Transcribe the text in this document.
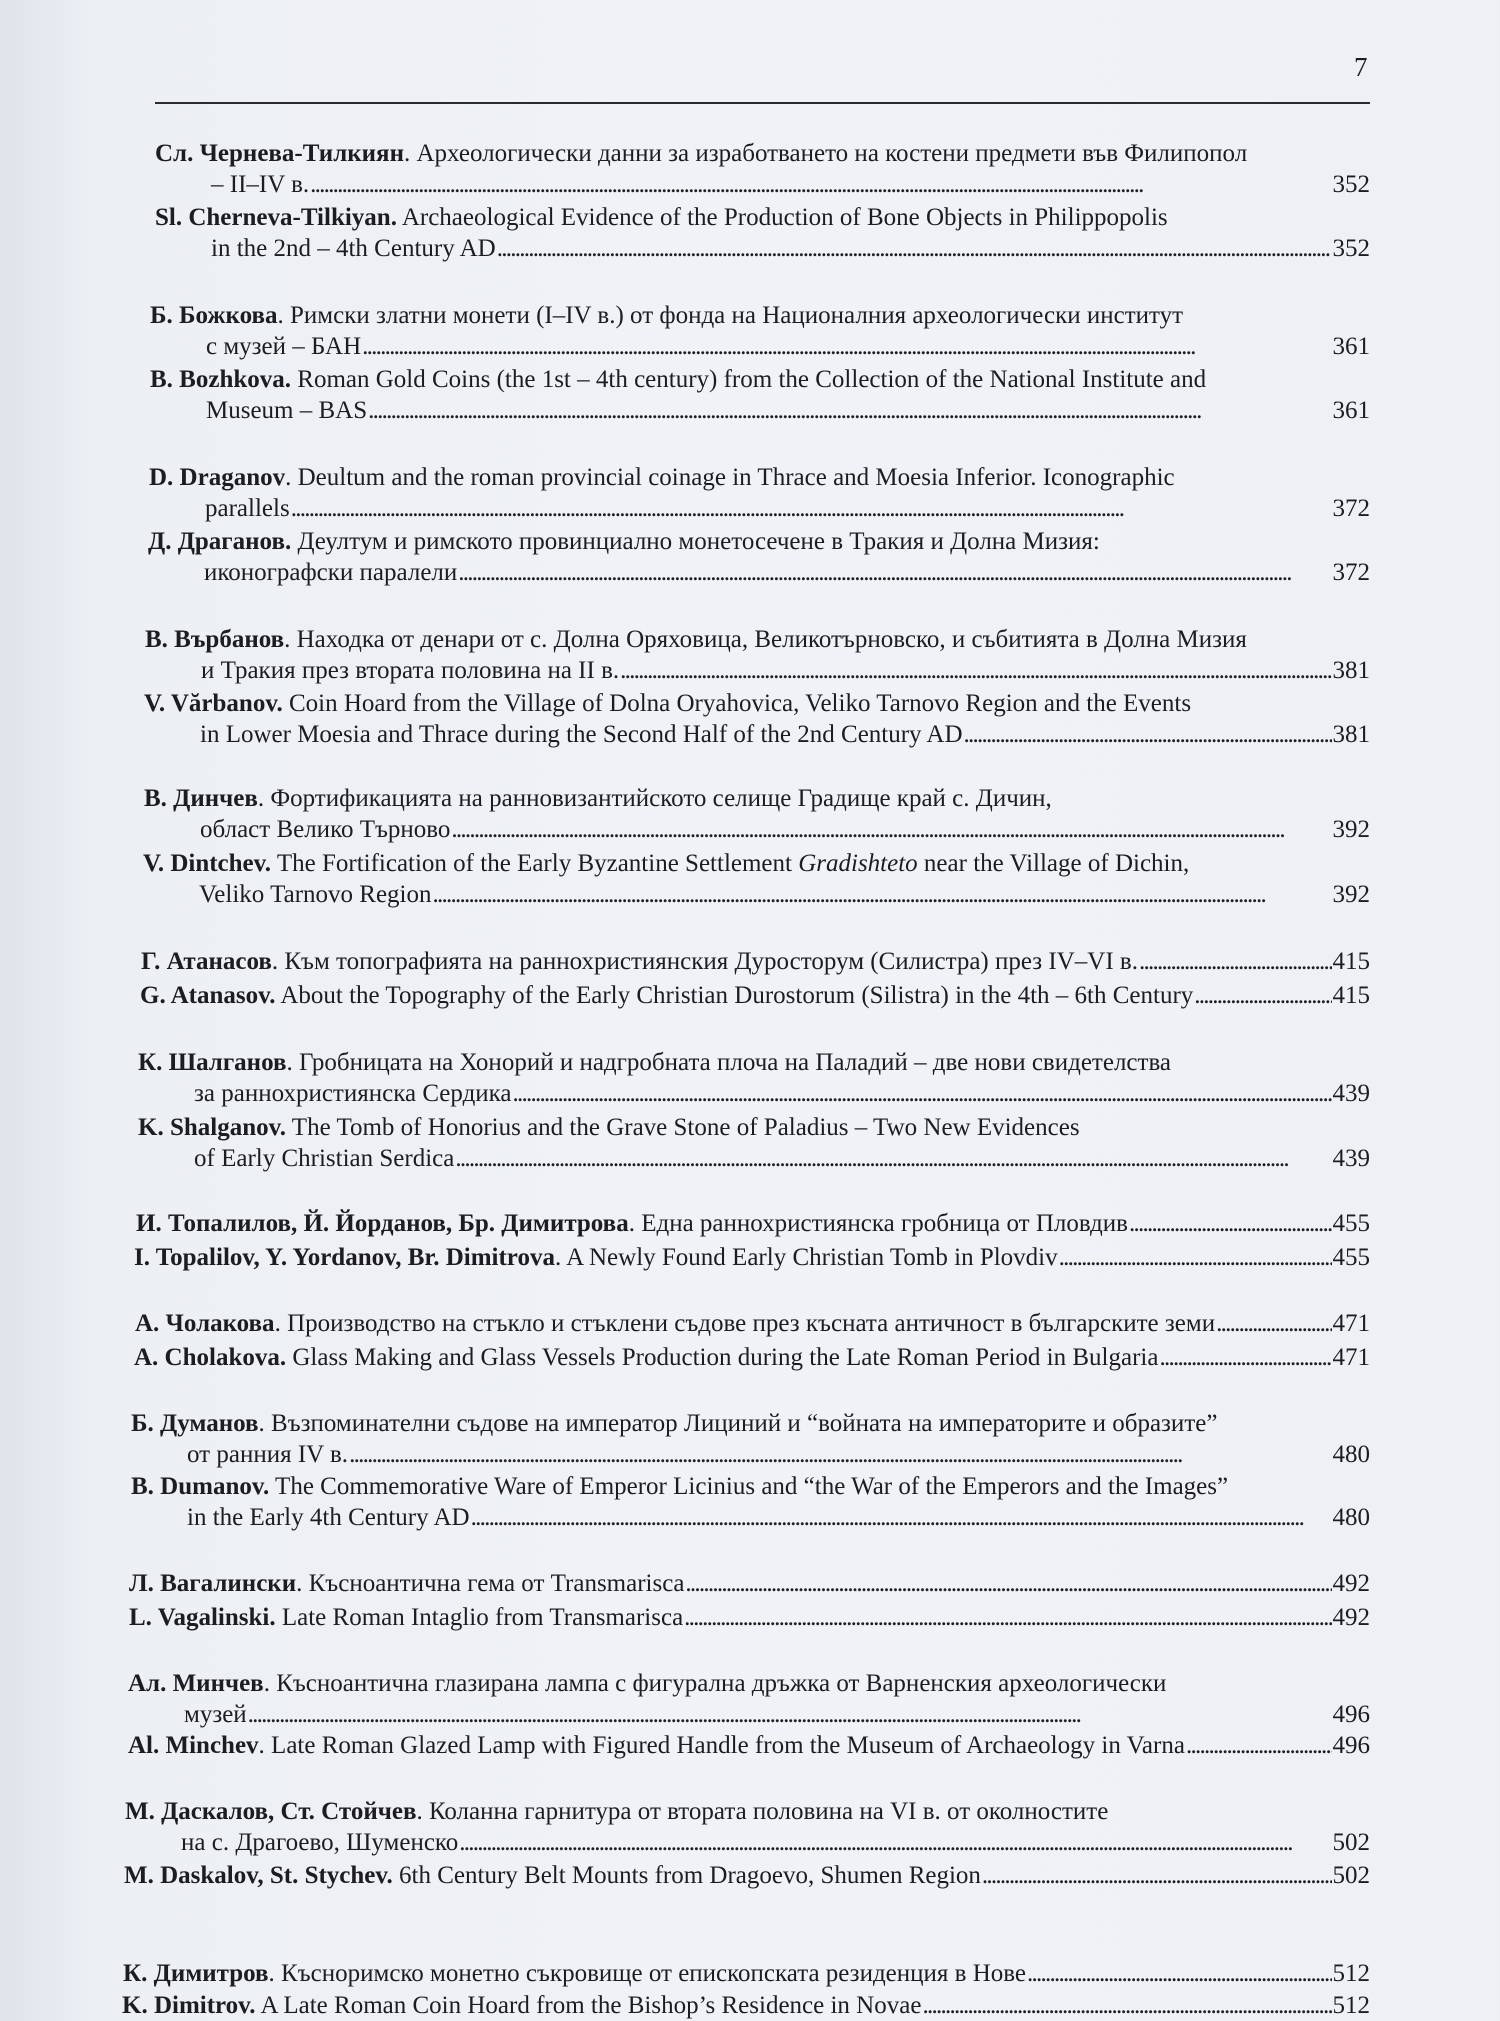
7
Сл. Чернева-Тилкиян. Археологически данни за изработването на костени предмети във Филипопол
– II–IV в. . . .	352
Sl. Cherneva-Tilkiyan. Archaeological Evidence of the Production of Bone Objects in Philippopolis
in the 2nd – 4th Century AD . . .	352
Б. Божкова. Римски златни монети (I–IV в.) от фонда на Националния археологически институт
с музей – БАН . . .	361
B. Bozhkova. Roman Gold Coins (the 1st – 4th century) from the Collection of the National Institute and
Museum – BAS . . .	361
D. Draganov. Deultum and the roman provincial coinage in Thrace and Moesia Inferior. Iconographic
parallels . . .	372
Д. Драганов. Деултум и римското провинциално монетосечене в Тракия и Долна Мизия:
иконографски паралели . . .	372
В. Върбанов. Находка от денари от с. Долна Оряховица, Великотърновско, и събитията в Долна Мизия
и Тракия през втората половина на II в. . . .	381
V. Vărbanov. Coin Hoard from the Village of Dolna Oryahovica, Veliko Tarnovo Region and the Events
in Lower Moesia and Thrace during the Second Half of the 2nd Century AD . . .	381
В. Динчев. Фортификацията на ранновизантийското селище Градище край с. Дичин,
област Велико Търново . . .	392
V. Dintchev. The Fortification of the Early Byzantine Settlement Gradishteto near the Village of Dichin,
Veliko Tarnovo Region . . .	392
Г. Атанасов. Към топографията на раннохристиянския Дуросторум (Силистра) през IV–VI в. . . .	415
G. Atanasov. About the Topography of the Early Christian Durostorum (Silistra) in the 4th – 6th Century . . .	415
К. Шалганов. Гробницата на Хонорий и надгробната плоча на Паладий – две нови свидетелства
за раннохристиянска Сердика . . .	439
K. Shalganov. The Tomb of Honorius and the Grave Stone of Paladius – Two New Evidences
of Early Christian Serdica . . .	439
И. Топалилов, Й. Йорданов, Бр. Димитрова. Една раннохристиянска гробница от Пловдив . . .	455
I. Topalilov, Y. Yordanov, Br. Dimitrova. A Newly Found Early Christian Tomb in Plovdiv . . .	455
А. Чолакова. Производство на стъкло и стъклени съдове през късната античност в българските земи . . .	471
A. Cholakova. Glass Making and Glass Vessels Production during the Late Roman Period in Bulgaria . . .	471
Б. Думанов. Възпоминателни съдове на император Лициний и “войната на императорите и образите”
от ранния IV в. . . .	480
B. Dumanov. The Commemorative Ware of Emperor Licinius and “the War of the Emperors and the Images”
in the Early 4th Century AD . . .	480
Л. Вагалински. Късноантична гема от Transmarisca . . .	492
L. Vagalinski. Late Roman Intaglio from Transmarisca . . .	492
Ал. Минчев. Късноантична глазирана лампа с фигурална дръжка от Варненския археологически
музей . . .	496
Al. Minchev. Late Roman Glazed Lamp with Figured Handle from the Museum of Archaeology in Varna . . .	496
М. Даскалов, Ст. Стойчев. Коланна гарнитура от втората половина на VI в. от околностите
на с. Драгоево, Шуменско . . .	502
M. Daskalov, St. Stychev. 6th Century Belt Mounts from Dragoevo, Shumen Region . . .	502
К. Димитров. Късноримско монетно съкровище от епископската резиденция в Нове . . .	512
K. Dimitrov. A Late Roman Coin Hoard from the Bishop’s Residence in Novae . . .	512
